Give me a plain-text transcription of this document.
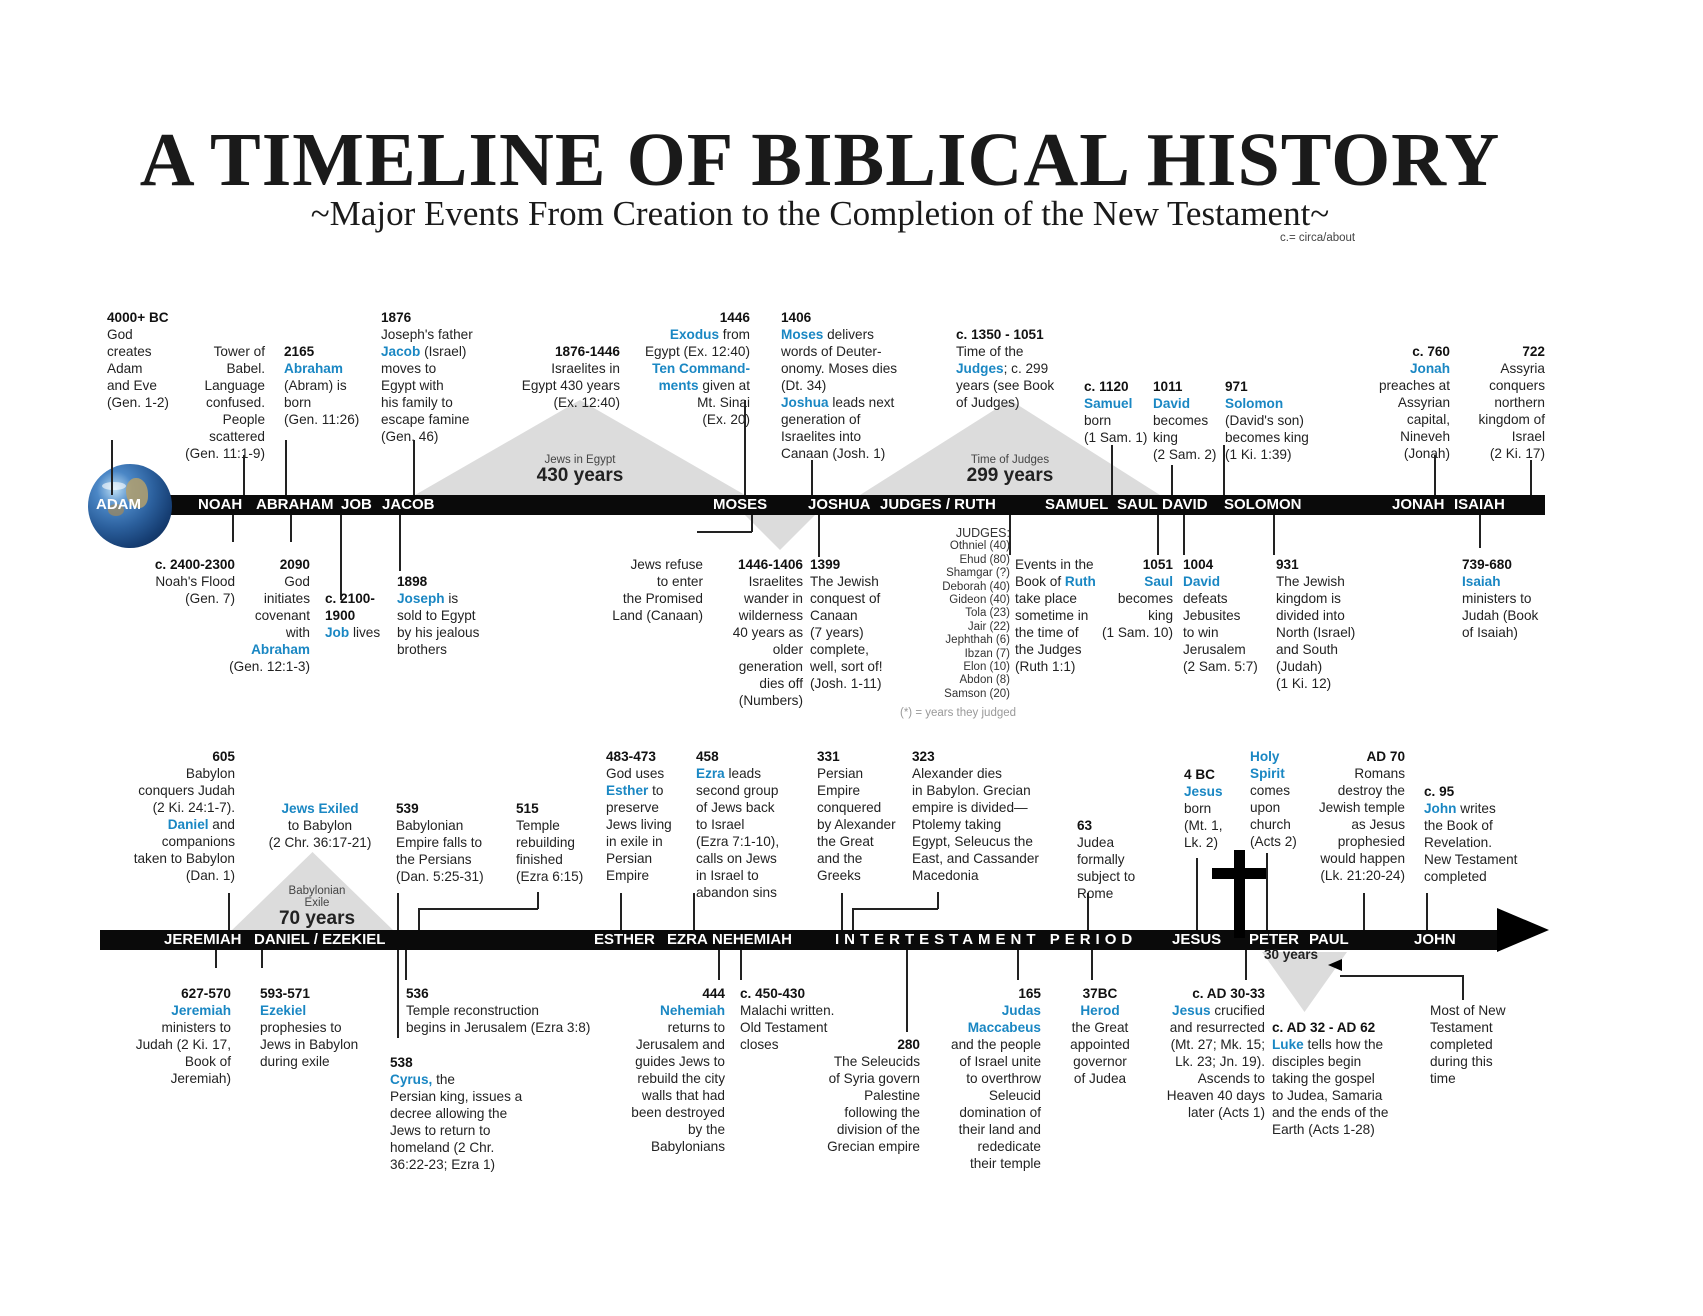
A TIMELINE OF BIBLICAL HISTORY
~Major Events From Creation to the Completion of the New Testament~
c.= circa/about
Jews in Egypt
430 years
Time of Judges
299 years
ADAM	NOAH ABRAHAM JOB JACOB	MOSES	JOSHUA JUDGES / RUTH	SAMUEL SAUL DAVID SOLOMON	JONAH ISAIAH
4000+ BC
God
creates
Adam
and Eve
(Gen. 1-2)
Tower of
Babel.
Language
confused.
People
scattered
(Gen. 11:1-9)
2165
Abraham
(Abram) is
born
(Gen. 11:26)
1876
Joseph's father
Jacob (Israel)
moves to
Egypt with
his family to
escape famine
(Gen. 46)
1876-1446
Israelites in
Egypt 430 years
(Ex. 12:40)
1446
Exodus from
Egypt (Ex. 12:40)
Ten Command-
ments given at
Mt. Sinai
(Ex. 20)
1406
Moses delivers
words of Deuter-
onomy. Moses dies
(Dt. 34)
Joshua leads next
generation of
Israelites into
Canaan (Josh. 1)
c. 1350 - 1051
Time of the
Judges; c. 299
years (see Book
of Judges)
c. 1120
Samuel
born
(1 Sam. 1)
1011
David
becomes
king
(2 Sam. 2)
971
Solomon
(David's son)
becomes king
(1 Ki. 1:39)
c. 760
Jonah
preaches at
Assyrian
capital,
Nineveh
(Jonah)
722
Assyria
conquers
northern
kingdom of
Israel
(2 Ki. 17)
c. 2400-2300
Noah's Flood
(Gen. 7)
2090
God
initiates
covenant
with
Abraham
(Gen. 12:1-3)
c. 2100-
1900
Job lives
1898
Joseph is
sold to Egypt
by his jealous
brothers
Jews refuse
to enter
the Promised
Land (Canaan)
1446-1406
Israelites
wander in
wilderness
40 years as
older
generation
dies off
(Numbers)
1399
The Jewish
conquest of
Canaan
(7 years)
complete,
well, sort of!
(Josh. 1-11)
JUDGES:
Othniel (40)
Ehud (80)
Shamgar (?)
Deborah (40)
Gideon (40)
Tola (23)
Jair (22)
Jephthah (6)
Ibzan (7)
Elon (10)
Abdon (8)
Samson (20)
(*) = years they judged
Events in the
Book of Ruth
take place
sometime in
the time of
the Judges
(Ruth 1:1)
1051
Saul
becomes
king
(1 Sam. 10)
1004
David
defeats
Jebusites
to win
Jerusalem
(2 Sam. 5:7)
931
The Jewish
kingdom is
divided into
North (Israel)
and South
(Judah)
(1 Ki. 12)
739-680
Isaiah
ministers to
Judah (Book
of Isaiah)
Babylonian
Exile
70 years
JEREMIAH DANIEL / EZEKIEL	ESTHER EZRA NEHEMIAH	INTERTESTAMENT PERIOD JESUS PETER PAUL	JOHN
30 years
605
Babylon
conquers Judah
(2 Ki. 24:1-7).
Daniel and
companions
taken to Babylon
(Dan. 1)
Jews Exiled
to Babylon
(2 Chr. 36:17-21)
539
Babylonian
Empire falls to
the Persians
(Dan. 5:25-31)
515
Temple
rebuilding
finished
(Ezra 6:15)
483-473
God uses
Esther to
preserve
Jews living
in exile in
Persian
Empire
458
Ezra leads
second group
of Jews back
to Israel
(Ezra 7:1-10),
calls on Jews
in Israel to
abandon sins
331
Persian
Empire
conquered
by Alexander
the Great
and the
Greeks
323
Alexander dies
in Babylon. Grecian
empire is divided—
Ptolemy taking
Egypt, Seleucus the
East, and Cassander
Macedonia
63
Judea
formally
subject to
Rome
4 BC
Jesus
born
(Mt. 1,
Lk. 2)
Holy
Spirit
comes
upon
church
(Acts 2)
AD 70
Romans
destroy the
Jewish temple
as Jesus
prophesied
would happen
(Lk. 21:20-24)
c. 95
John writes
the Book of
Revelation.
New Testament
completed
627-570
Jeremiah
ministers to
Judah (2 Ki. 17,
Book of
Jeremiah)
593-571
Ezekiel
prophesies to
Jews in Babylon
during exile
536
Temple reconstruction
begins in Jerusalem (Ezra 3:8)
538
Cyrus, the
Persian king, issues a
decree allowing the
Jews to return to
homeland (2 Chr.
36:22-23; Ezra 1)
444
Nehemiah
returns to
Jerusalem and
guides Jews to
rebuild the city
walls that had
been destroyed
by the
Babylonians
c. 450-430
Malachi written.
Old Testament
closes	280
The Seleucids
of Syria govern
Palestine
following the
division of the
Grecian empire
165
Judas
Maccabeus
and the people
of Israel unite
to overthrow
Seleucid
domination of
their land and
rededicate
their temple
37BC
Herod
the Great
appointed
governor
of Judea
c. AD 30-33
Jesus crucified
and resurrected
(Mt. 27; Mk. 15;
Lk. 23; Jn. 19).
Ascends to
Heaven 40 days
later (Acts 1)
c. AD 32 - AD 62
Luke tells how the
disciples begin
taking the gospel
to Judea, Samaria
and the ends of the
Earth (Acts 1-28)
Most of New
Testament
completed
during this
time
